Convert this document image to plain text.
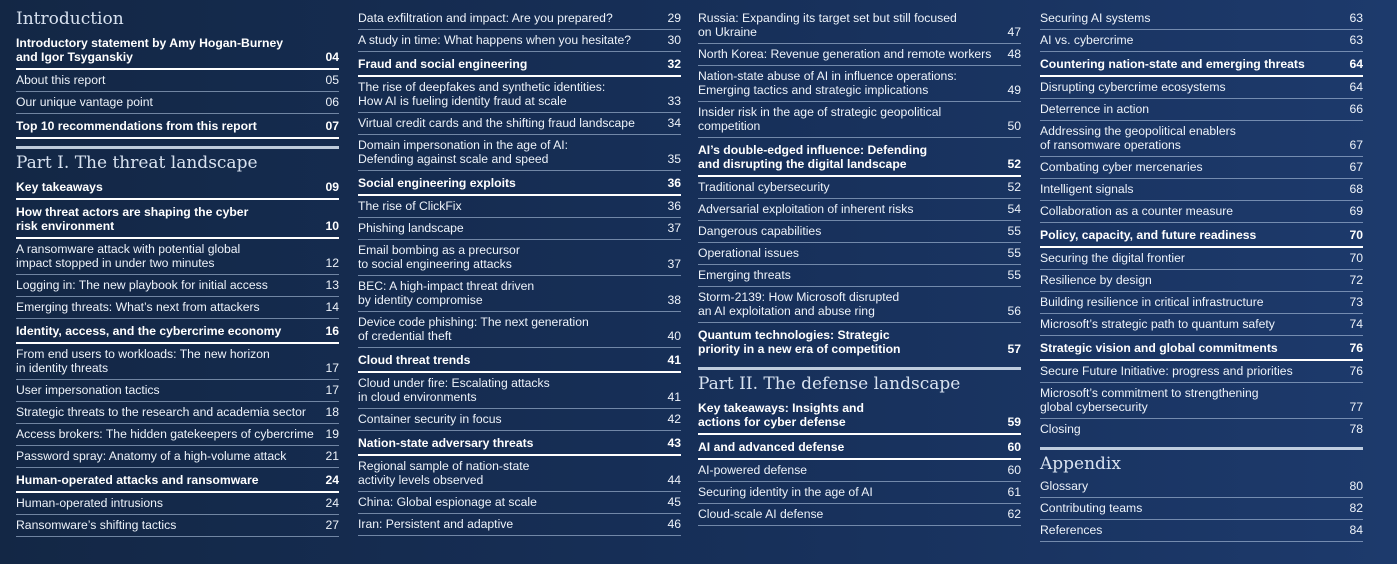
Introduction
Introductory statement by Amy Hogan-Burney
and Igor Tsyganskiy	04
About this report	05
Our unique vantage point	06
Top 10 recommendations from this report	07
Part I. The threat landscape
Key takeaways	09
How threat actors are shaping the cyber
risk environment	10
A ransomware attack with potential global
impact stopped in under two minutes	12
Logging in: The new playbook for initial access	13
Emerging threats: What’s next from attackers	14
Identity, access, and the cybercrime economy	16
From end users to workloads: The new horizon
in identity threats	17
User impersonation tactics	17
Strategic threats to the research and academia sector	18
Access brokers: The hidden gatekeepers of cybercrime 19
Password spray: Anatomy of a high-volume attack	21
Human-operated attacks and ransomware	24
Human-operated intrusions	24
Ransomware’s shifting tactics	27
Data exfiltration and impact: Are you prepared?	29
A study in time: What happens when you hesitate?	30
Fraud and social engineering	32
The rise of deepfakes and synthetic identities:
How AI is fueling identity fraud at scale	33
Virtual credit cards and the shifting fraud landscape	34
Domain impersonation in the age of AI:
Defending against scale and speed	35
Social engineering exploits	36
The rise of ClickFix	36
Phishing landscape	37
Email bombing as a precursor
to social engineering attacks	37
BEC: A high-impact threat driven
by identity compromise	38
Device code phishing: The next generation
of credential theft	40
Cloud threat trends	41
Cloud under fire: Escalating attacks
in cloud environments	41
Container security in focus	42
Nation-state adversary threats	43
Regional sample of nation-state
activity levels observed	44
China: Global espionage at scale	45
Iran: Persistent and adaptive	46
Russia: Expanding its target set but still focused
on Ukraine	47
North Korea: Revenue generation and remote workers	48
Nation-state abuse of AI in influence operations:
Emerging tactics and strategic implications	49
Insider risk in the age of strategic geopolitical
competition	50
AI’s double-edged influence: Defending
and disrupting the digital landscape	52
Traditional cybersecurity	52
Adversarial exploitation of inherent risks	54
Dangerous capabilities	55
Operational issues	55
Emerging threats	55
Storm-2139: How Microsoft disrupted
an AI exploitation and abuse ring	56
Quantum technologies: Strategic
priority in a new era of competition	57
Part II. The defense landscape
Key takeaways: Insights and
actions for cyber defense	59
AI and advanced defense	60
AI-powered defense	60
Securing identity in the age of AI	61
Cloud-scale AI defense	62
Securing AI systems	63
AI vs. cybercrime	63
Countering nation-state and emerging threats	64
Disrupting cybercrime ecosystems	64
Deterrence in action	66
Addressing the geopolitical enablers
of ransomware operations	67
Combating cyber mercenaries	67
Intelligent signals	68
Collaboration as a counter measure	69
Policy, capacity, and future readiness	70
Securing the digital frontier	70
Resilience by design	72
Building resilience in critical infrastructure	73
Microsoft’s strategic path to quantum safety	74
Strategic vision and global commitments	76
Secure Future Initiative: progress and priorities	76
Microsoft’s commitment to strengthening
global cybersecurity	77
Closing	78
Appendix
Glossary	80
Contributing teams	82
References	84
